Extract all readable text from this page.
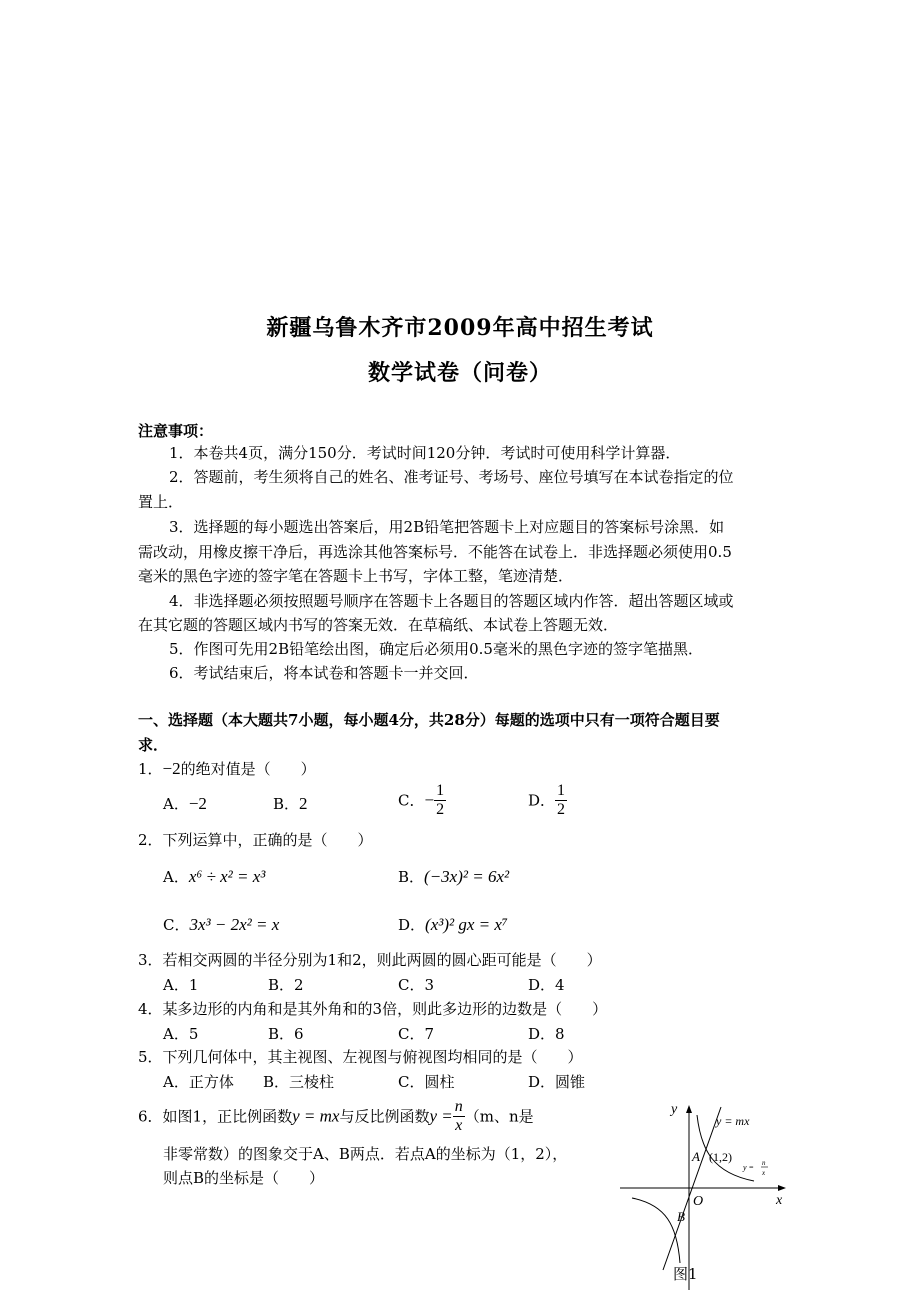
新疆乌鲁木齐市2009年高中招生考试
数学试卷（问卷）
注意事项：
1．本卷共4页，满分150分．考试时间120分钟．考试时可使用科学计算器．
2．答题前，考生须将自己的姓名、准考证号、考场号、座位号填写在本试卷指定的位
置上．
3．选择题的每小题选出答案后，用2B铅笔把答题卡上对应题目的答案标号涂黑．如
需改动，用橡皮擦干净后，再选涂其他答案标号．不能答在试卷上．非选择题必须使用0.5
毫米的黑色字迹的签字笔在答题卡上书写，字体工整，笔迹清楚．
4．非选择题必须按照题号顺序在答题卡上各题目的答题区域内作答．超出答题区域或
在其它题的答题区域内书写的答案无效．在草稿纸、本试卷上答题无效．
5．作图可先用2B铅笔绘出图，确定后必须用0.5毫米的黑色字迹的签字笔描黑．
6．考试结束后，将本试卷和答题卡一并交回．
一、选择题（本大题共7小题，每小题4分，共28分）每题的选项中只有一项符合题目要
求．
1．−2的绝对值是（　　）
A．−2	B．2	C．− $\frac{1}{2}$	D． $\frac{1}{2}$
2．下列运算中，正确的是（　　）
A．x⁶ ÷ x² = x³	B．(−3x)² = 6x²
C．3x³ − 2x² = x	D．(x³)² gx = x⁷
3．若相交两圆的半径分别为1和2，则此两圆的圆心距可能是（　　）
A．1	B．2	C．3	D．4
4．某多边形的内角和是其外角和的3倍，则此多边形的边数是（　　）
A．5	B．6	C．7	D．8
5．下列几何体中，其主视图、左视图与俯视图均相同的是（　　）
A．正方体 B．三棱柱	C．圆柱	D．圆锥
6．如图1，正比例函数y = mx与反比例函数$y = \frac{n}{x} (m$、n是
非零常数）的图象交于A、B两点．若点A的坐标为（1，2），
则点B的坐标是（　　）
y
y = mx
A (1,2)
y = n
x
O	x
B
图1
